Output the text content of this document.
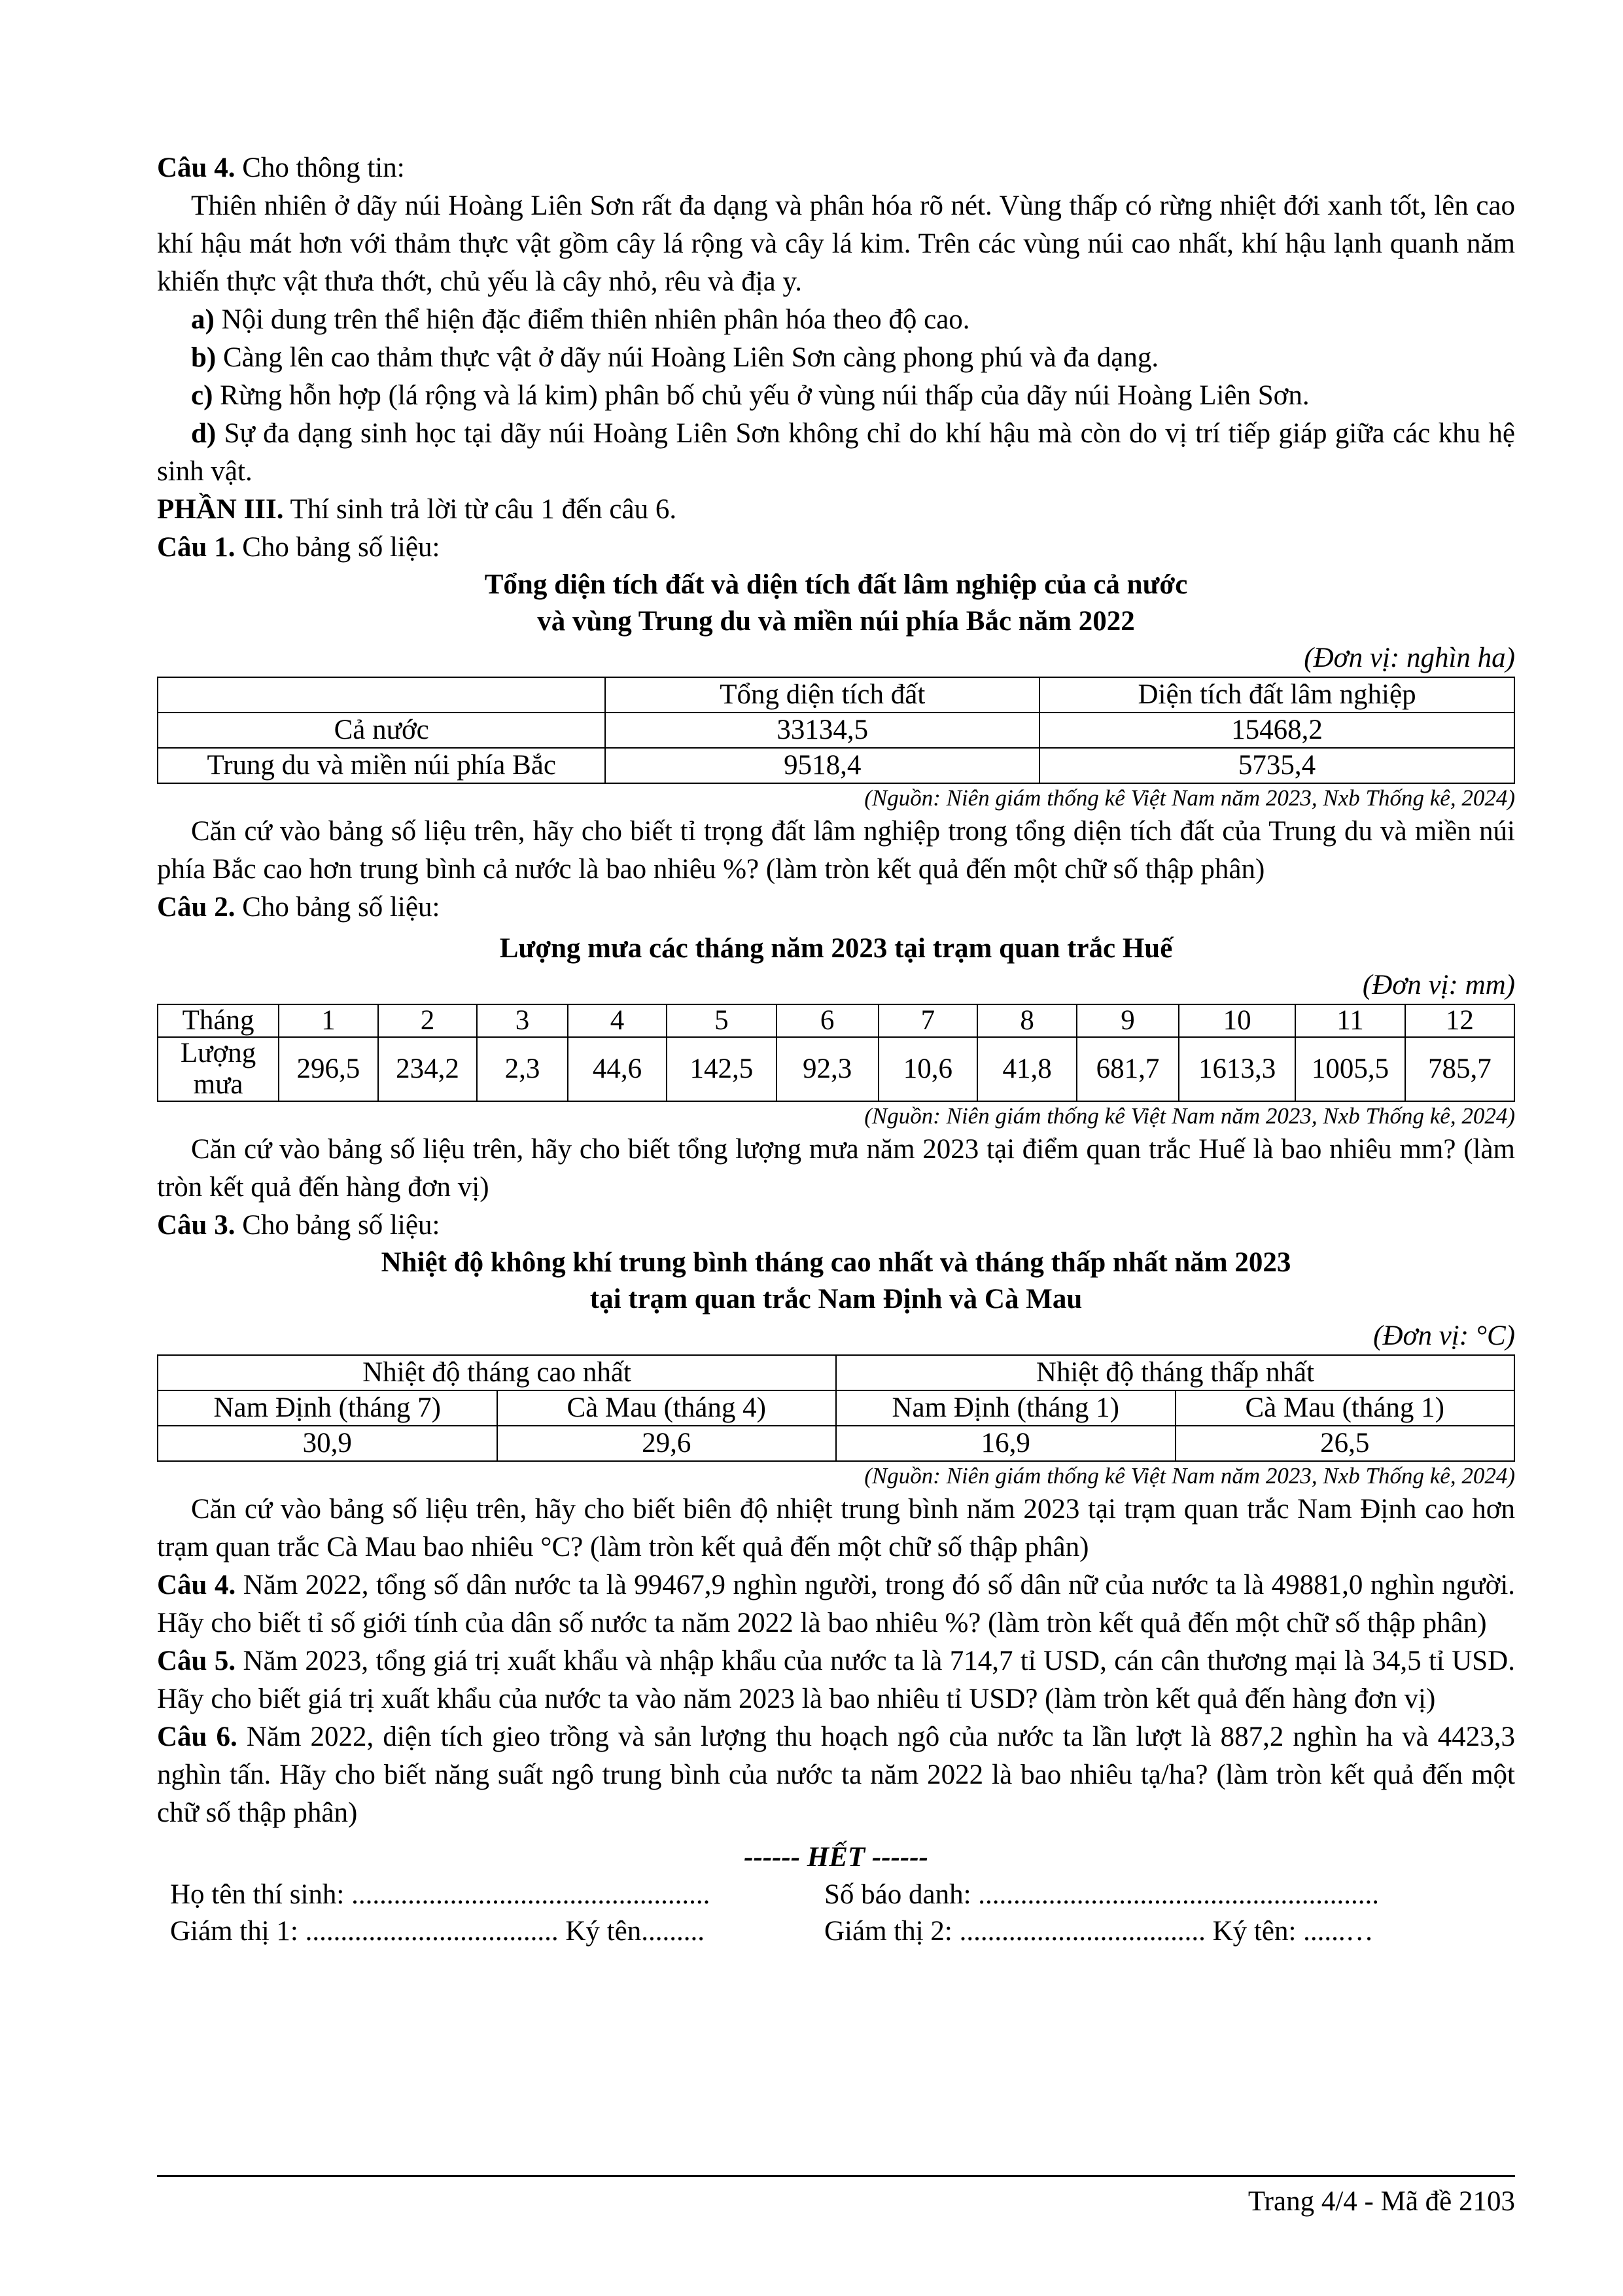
Câu 4. Cho thông tin:

Thiên nhiên ở dãy núi Hoàng Liên Sơn rất đa dạng và phân hóa rõ nét. Vùng thấp có rừng nhiệt đới xanh tốt, lên cao khí hậu mát hơn với thảm thực vật gồm cây lá rộng và cây lá kim. Trên các vùng núi cao nhất, khí hậu lạnh quanh năm khiến thực vật thưa thớt, chủ yếu là cây nhỏ, rêu và địa y.

a) Nội dung trên thể hiện đặc điểm thiên nhiên phân hóa theo độ cao.

b) Càng lên cao thảm thực vật ở dãy núi Hoàng Liên Sơn càng phong phú và đa dạng.

c) Rừng hỗn hợp (lá rộng và lá kim) phân bố chủ yếu ở vùng núi thấp của dãy núi Hoàng Liên Sơn.

d) Sự đa dạng sinh học tại dãy núi Hoàng Liên Sơn không chỉ do khí hậu mà còn do vị trí tiếp giáp giữa các khu hệ sinh vật.

PHẦN III. Thí sinh trả lời từ câu 1 đến câu 6.

Câu 1. Cho bảng số liệu:

Tổng diện tích đất và diện tích đất lâm nghiệp của cả nước
và vùng Trung du và miền núi phía Bắc năm 2022
(Đơn vị: nghìn ha)
	Tổng diện tích đất	Diện tích đất lâm nghiệp
Cả nước	33134,5	15468,2
Trung du và miền núi phía Bắc	9518,4	5735,4
(Nguồn: Niên giám thống kê Việt Nam năm 2023, Nxb Thống kê, 2024)

Căn cứ vào bảng số liệu trên, hãy cho biết tỉ trọng đất lâm nghiệp trong tổng diện tích đất của Trung du và miền núi phía Bắc cao hơn trung bình cả nước là bao nhiêu %? (làm tròn kết quả đến một chữ số thập phân)

Câu 2. Cho bảng số liệu:

Lượng mưa các tháng năm 2023 tại trạm quan trắc Huế
(Đơn vị: mm)
Tháng	1	2	3	4	5	6	7	8	9	10	11	12
Lượng mưa	296,5	234,2	2,3	44,6	142,5	92,3	10,6	41,8	681,7	1613,3	1005,5	785,7
(Nguồn: Niên giám thống kê Việt Nam năm 2023, Nxb Thống kê, 2024)

Căn cứ vào bảng số liệu trên, hãy cho biết tổng lượng mưa năm 2023 tại điểm quan trắc Huế là bao nhiêu mm? (làm tròn kết quả đến hàng đơn vị)

Câu 3. Cho bảng số liệu:

Nhiệt độ không khí trung bình tháng cao nhất và tháng thấp nhất năm 2023
tại trạm quan trắc Nam Định và Cà Mau
(Đơn vị: °C)
Nhiệt độ tháng cao nhất		Nhiệt độ tháng thấp nhất	
Nam Định (tháng 7)	Cà Mau (tháng 4)	Nam Định (tháng 1)	Cà Mau (tháng 1)
30,9	29,6	16,9	26,5
(Nguồn: Niên giám thống kê Việt Nam năm 2023, Nxb Thống kê, 2024)

Căn cứ vào bảng số liệu trên, hãy cho biết biên độ nhiệt trung bình năm 2023 tại trạm quan trắc Nam Định cao hơn trạm quan trắc Cà Mau bao nhiêu °C? (làm tròn kết quả đến một chữ số thập phân)

Câu 4. Năm 2022, tổng số dân nước ta là 99467,9 nghìn người, trong đó số dân nữ của nước ta là 49881,0 nghìn người. Hãy cho biết tỉ số giới tính của dân số nước ta năm 2022 là bao nhiêu %? (làm tròn kết quả đến một chữ số thập phân)

Câu 5. Năm 2023, tổng giá trị xuất khẩu và nhập khẩu của nước ta là 714,7 tỉ USD, cán cân thương mại là 34,5 tỉ USD. Hãy cho biết giá trị xuất khẩu của nước ta vào năm 2023 là bao nhiêu tỉ USD? (làm tròn kết quả đến hàng đơn vị)

Câu 6. Năm 2022, diện tích gieo trồng và sản lượng thu hoạch ngô của nước ta lần lượt là 887,2 nghìn ha và 4423,3 nghìn tấn. Hãy cho biết năng suất ngô trung bình của nước ta năm 2022 là bao nhiêu tạ/ha? (làm tròn kết quả đến một chữ số thập phân)

------ HẾT ------
Họ tên thí sinh: ...................................................	Số báo danh: .........................................................
Giám thị 1: .................................... Ký tên.........	Giám thị 2: ................................... Ký tên: ......…
Trang 4/4 - Mã đề 2103
